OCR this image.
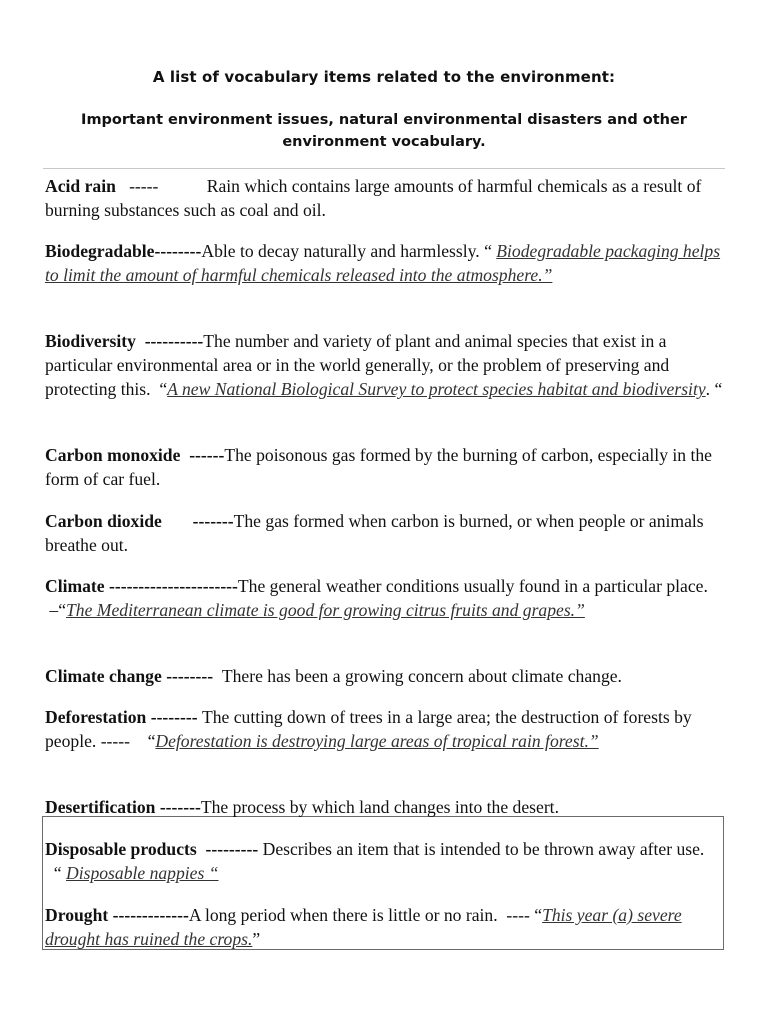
A list of vocabulary items related to the environment:
Important environment issues, natural environmental disasters and other environment vocabulary.
Acid rain   -----           Rain which contains large amounts of harmful chemicals as a result of burning substances such as coal and oil.
Biodegradable--------Able to decay naturally and harmlessly. “ Biodegradable packaging helps to limit the amount of harmful chemicals released into the atmosphere.”
Biodiversity  ----------The number and variety of plant and animal species that exist in a particular environmental area or in the world generally, or the problem of preserving and protecting this.  “A new National Biological Survey to protect species habitat and biodiversity. “
Carbon monoxide  ------The poisonous gas formed by the burning of carbon, especially in the form of car fuel.
Carbon dioxide       -------The gas formed when carbon is burned, or when people or animals breathe out.
Climate ----------------------The general weather conditions usually found in a particular place. –“The Mediterranean climate is good for growing citrus fruits and grapes.”
Climate change --------  There has been a growing concern about climate change.
Deforestation -------- The cutting down of trees in a large area; the destruction of forests by people. -----    “Deforestation is destroying large areas of tropical rain forest.”
Desertification -------The process by which land changes into the desert.
Disposable products  --------- Describes an item that is intended to be thrown away after use.  “ Disposable nappies “
Drought -------------A long period when there is little or no rain.  ---- “This year (a) severe drought has ruined the crops.”
